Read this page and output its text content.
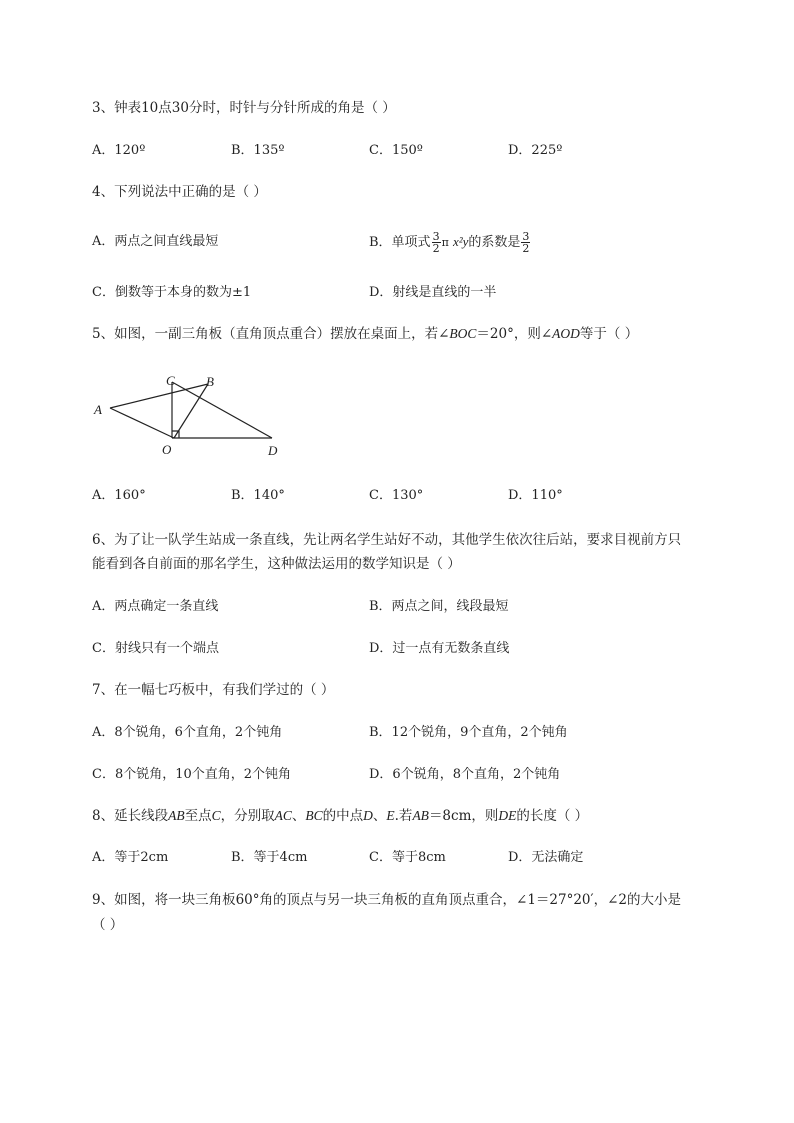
3、钟表10点30分时，时针与分针所成的角是（ ）
A．120º	B．135º	C．150º	D．225º
4、下列说法中正确的是（ ）
A．两点之间直线最短	B．单项式 $\frac{3}{2}$ π x²y的系数是 $\frac{3}{2}$
C．倒数等于本身的数为±1	D．射线是直线的一半
5、如图，一副三角板（直角顶点重合）摆放在桌面上，若∠BOC＝20°，则∠AOD等于（ ）
A
B
C
O	D
A．160°	B．140°	C．130°	D．110°
6、为了让一队学生站成一条直线，先让两名学生站好不动，其他学生依次往后站，要求目视前方只
能看到各自前面的那名学生，这种做法运用的数学知识是（ ）
A．两点确定一条直线	B．两点之间，线段最短
C．射线只有一个端点	D．过一点有无数条直线
7、在一幅七巧板中，有我们学过的（ ）
A．8个锐角，6个直角，2个钝角	B．12个锐角，9个直角，2个钝角
C．8个锐角，10个直角，2个钝角	D．6个锐角，8个直角，2个钝角
8、延长线段AB至点C，分别取AC、BC的中点D、E.若AB＝8cm，则DE的长度（ ）
A．等于2cm	B．等于4cm	C．等于8cm	D．无法确定
9、如图，将一块三角板60°角的顶点与另一块三角板的直角顶点重合，∠1＝27°20′，∠2的大小是
（ ）
